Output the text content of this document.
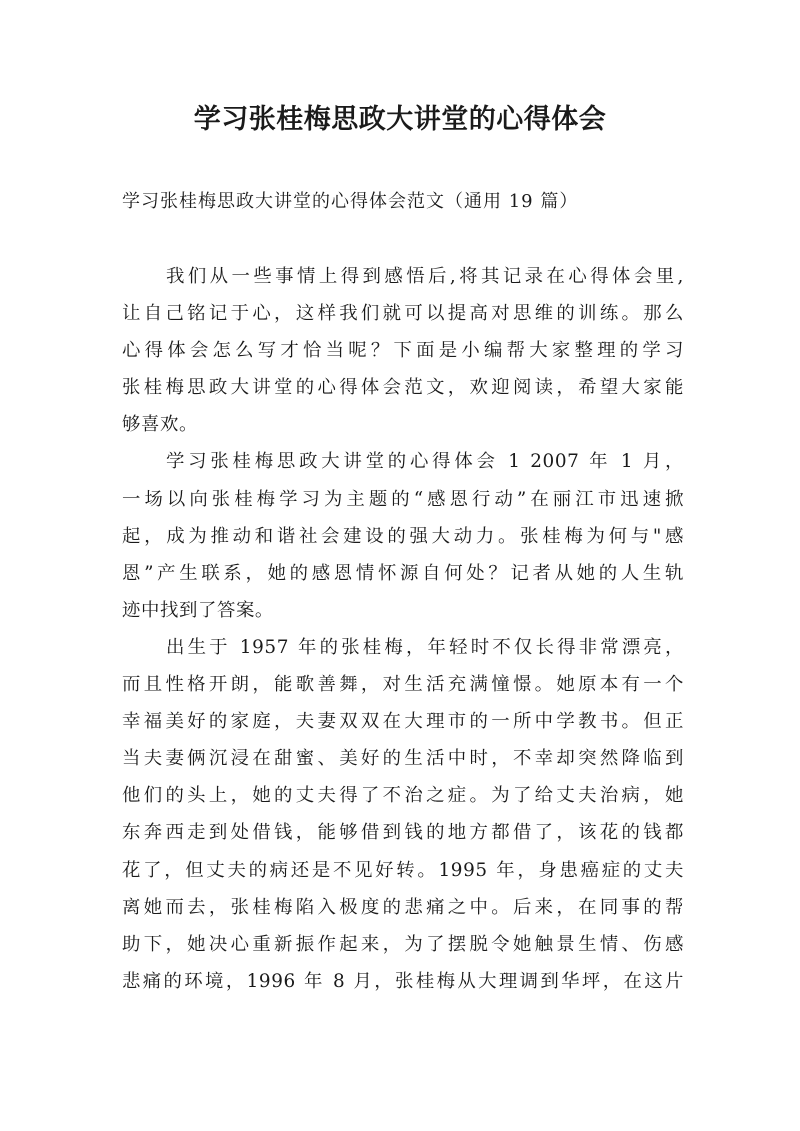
学习张桂梅思政大讲堂的心得体会
学习张桂梅思政大讲堂的心得体会范文（通用 19 篇）

我们从一些事情上得到感悟后,将其记录在心得体会里,
让自己铭记于心，这样我们就可以提高对思维的训练。那么
心得体会怎么写才恰当呢？下面是小编帮大家整理的学习
张桂梅思政大讲堂的心得体会范文，欢迎阅读，希望大家能
够喜欢。

学习张桂梅思政大讲堂的心得体会 1 2007 年 1 月，
一场以向张桂梅学习为主题的“感恩行动”在丽江市迅速掀
起，成为推动和谐社会建设的强大动力。张桂梅为何与"感
恩”产生联系，她的感恩情怀源自何处？记者从她的人生轨
迹中找到了答案。

出生于 1957 年的张桂梅，年轻时不仅长得非常漂亮，
而且性格开朗，能歌善舞，对生活充满憧憬。她原本有一个
幸福美好的家庭，夫妻双双在大理市的一所中学教书。但正
当夫妻俩沉浸在甜蜜、美好的生活中时，不幸却突然降临到
他们的头上，她的丈夫得了不治之症。为了给丈夫治病，她
东奔西走到处借钱，能够借到钱的地方都借了，该花的钱都
花了，但丈夫的病还是不见好转。1995 年，身患癌症的丈夫
离她而去，张桂梅陷入极度的悲痛之中。后来，在同事的帮
助下，她决心重新振作起来，为了摆脱令她触景生情、伤感
悲痛的环境，1996 年 8 月，张桂梅从大理调到华坪，在这片
